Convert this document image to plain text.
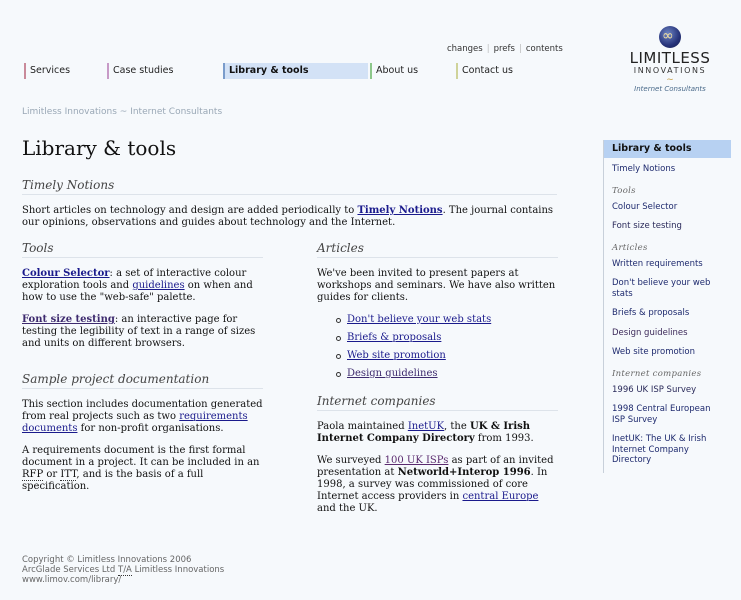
changes | prefs | contents
Services	Case studies	Library & tools	About us	Contact us
∞
LIMITLESS
INNOVATIONS
~
Internet Consultants
Limitless Innovations ~ Internet Consultants
Library & tools
Timely Notions

Short articles on technology and design are added periodically to Timely Notions. The journal contains our opinions, observations and guides about technology and the Internet.

Tools

Colour Selector: a set of interactive colour exploration tools and guidelines on when and how to use the "web-safe" palette.

Font size testing: an interactive page for testing the legibility of text in a range of sizes and units on different browsers.

Sample project documentation

This section includes documentation generated from real projects such as two requirements documents for non-profit organisations.

A requirements document is the first formal document in a project. It can be included in an RFP or ITT, and is the basis of a full specification.

Articles

We've been invited to present papers at workshops and seminars. We have also written guides for clients.

Don't believe your web stats
Briefs & proposals
Web site promotion
Design guidelines
Internet companies

Paola maintained InetUK, the UK & Irish Internet Company Directory from 1993.

We surveyed 100 UK ISPs as part of an invited presentation at Networld+Interop 1996. In 1998, a survey was commissioned of core Internet access providers in central Europe and the UK.

Library & tools
Timely Notions
Tools
Colour Selector
Font size testing
Articles
Written requirements
Don't believe your web stats
Briefs & proposals
Design guidelines
Web site promotion
Internet companies
1996 UK ISP Survey
1998 Central European ISP Survey
InetUK: The UK & Irish Internet Company Directory
Copyright © Limitless Innovations 2006
ArcGlade Services Ltd T/A Limitless Innovations
www.limov.com/library/
